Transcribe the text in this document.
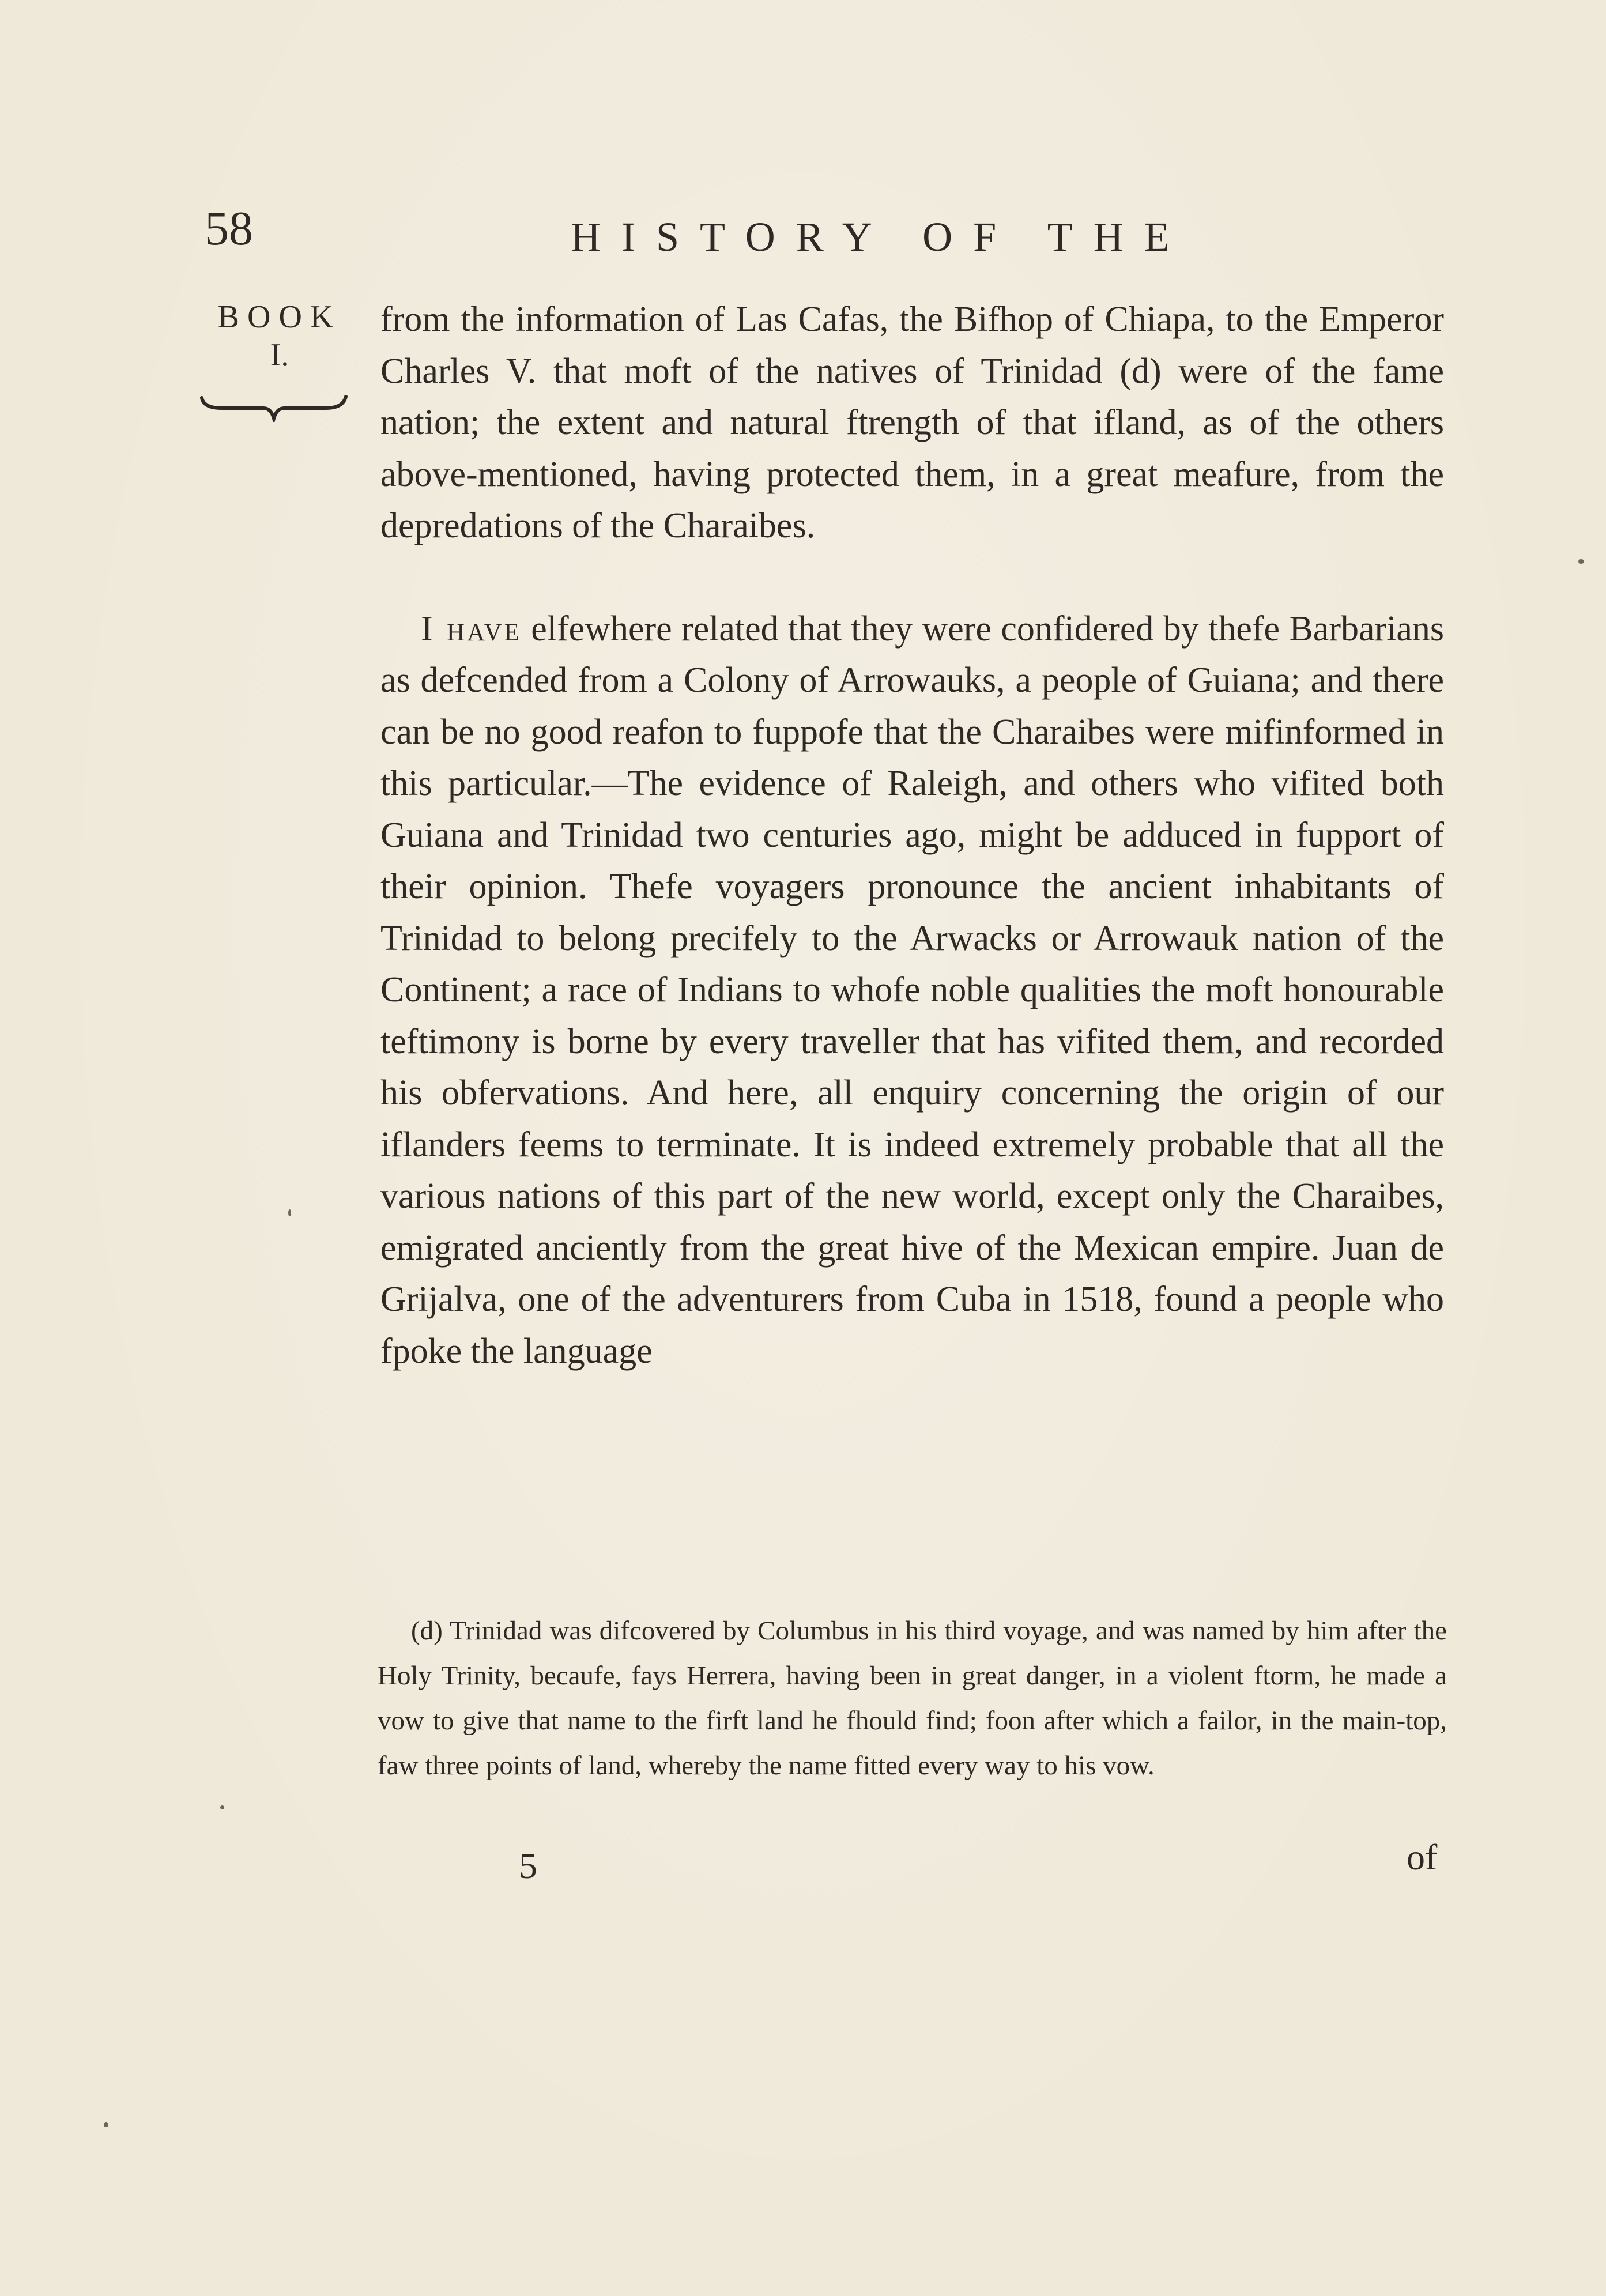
58	HISTORY OF THE
BOOK
I.

from the information of Las Cafas, the Bifhop of Chiapa, to the Emperor Charles V. that moft of the natives of Trinidad (d) were of the fame nation; the extent and natural ftrength of that ifland, as of the others above-mentioned, having protected them, in a great meafure, from the depredations of the Charaibes.

I have elfewhere related that they were confidered by thefe Barbarians as defcended from a Colony of Arrowauks, a people of Guiana; and there can be no good reafon to fuppofe that the Charaibes were mifinformed in this particular.—The evidence of Raleigh, and others who vifited both Guiana and Trinidad two centuries ago, might be adduced in fupport of their opinion. Thefe voyagers pronounce the ancient inhabitants of Trinidad to belong precifely to the Arwacks or Arrowauk nation of the Continent; a race of Indians to whofe noble qualities the moft honourable teftimony is borne by every traveller that has vifited them, and recorded his obfervations. And here, all enquiry concerning the origin of our iflanders feems to terminate. It is indeed extremely probable that all the various nations of this part of the new world, except only the Charaibes, emigrated anciently from the great hive of the Mexican empire. Juan de Grijalva, one of the adventurers from Cuba in 1518, found a people who fpoke the language

(d) Trinidad was difcovered by Columbus in his third voyage, and was named by him after the Holy Trinity, becaufe, fays Herrera, having been in great danger, in a violent ftorm, he made a vow to give that name to the firft land he fhould find; foon after which a failor, in the main-top, faw three points of land, whereby the name fitted every way to his vow.
5	of
